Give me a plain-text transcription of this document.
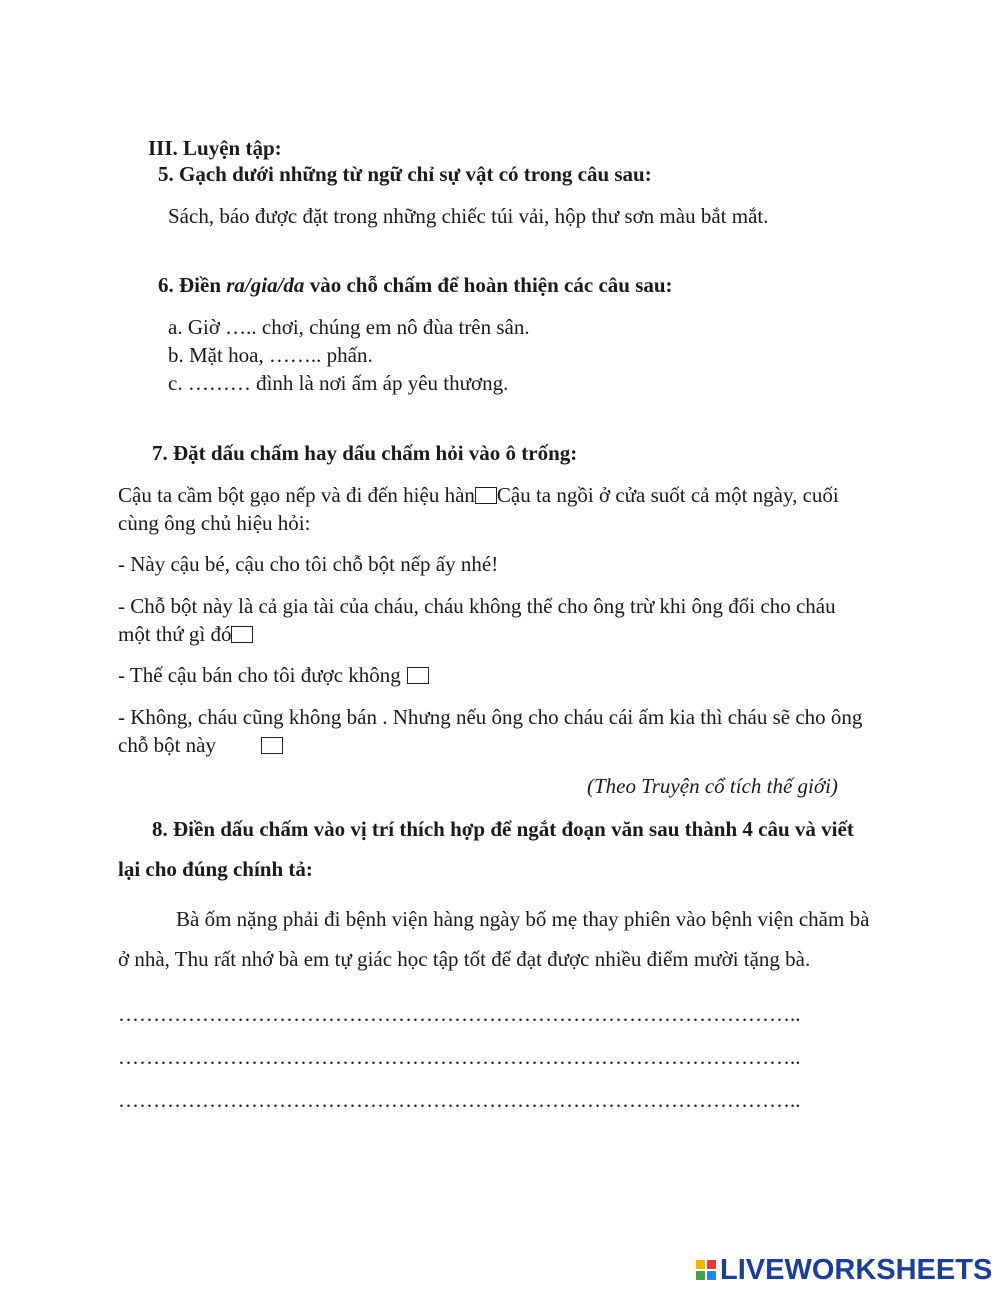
III. Luyện tập:
5. Gạch dưới những từ ngữ chỉ sự vật có trong câu sau:
Sách, báo được đặt trong những chiếc túi vải, hộp thư sơn màu bắt mắt.
6. Điền ra/gia/da vào chỗ chấm để hoàn thiện các câu sau:
a. Giờ ….. chơi, chúng em nô đùa trên sân.
b. Mặt hoa, …….. phấn.
c. ……… đình là nơi ấm áp yêu thương.
7. Đặt dấu chấm hay dấu chấm hỏi vào ô trống:
Cậu ta cầm bột gạo nếp và đi đến hiệu hàn Cậu ta ngồi ở cửa suốt cả một ngày, cuối
cùng ông chủ hiệu hỏi:
- Này cậu bé, cậu cho tôi chỗ bột nếp ấy nhé!
- Chỗ bột này là cả gia tài của cháu, cháu không thể cho ông trừ khi ông đổi cho cháu
một thứ gì đó
- Thế cậu bán cho tôi được không
- Không, cháu cũng không bán . Nhưng nếu ông cho cháu cái ấm kia thì cháu sẽ cho ông
chỗ bột này
(Theo Truyện cổ tích thế giới)
8. Điền dấu chấm vào vị trí thích hợp để ngắt đoạn văn sau thành 4 câu và viết
lại cho đúng chính tả:
Bà ốm nặng phải đi bệnh viện hàng ngày bố mẹ thay phiên vào bệnh viện chăm bà
ở nhà, Thu rất nhớ bà em tự giác học tập tốt để đạt được nhiều điểm mười tặng bà.
……………………………………………………………………………………..
……………………………………………………………………………………..
……………………………………………………………………………………..
LIVEWORKSHEETS
